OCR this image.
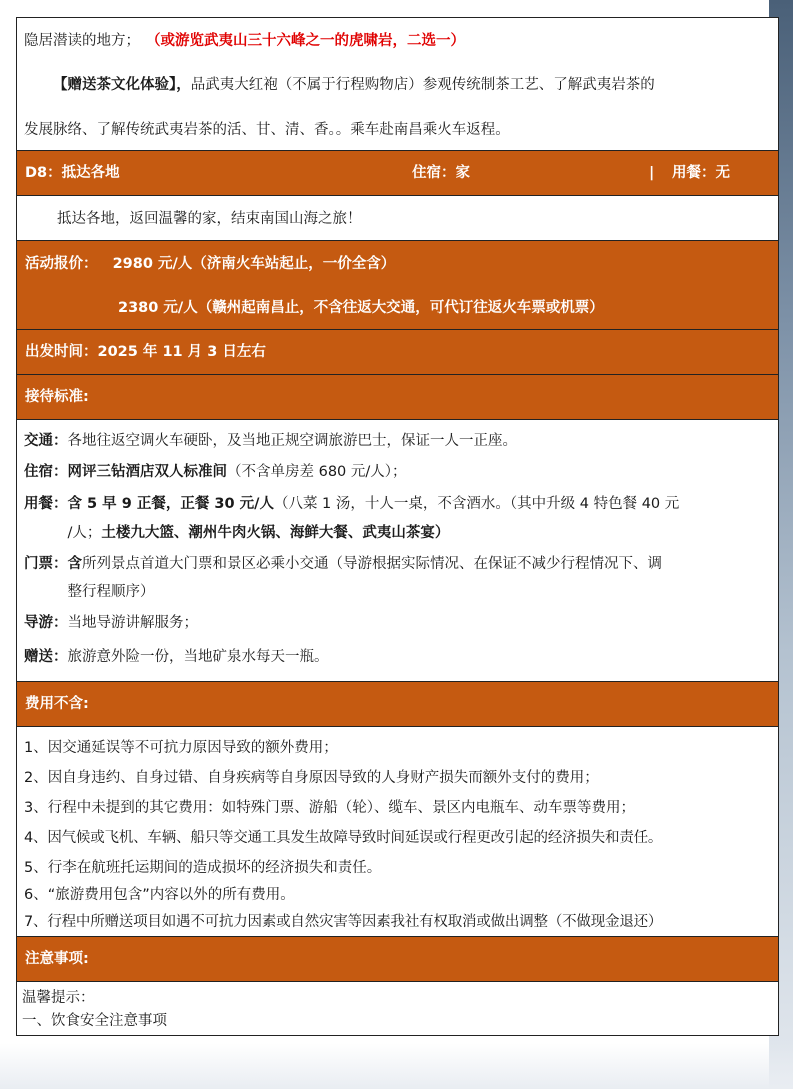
隐居潜读的地方； （或游览武夷山三十六峰之一的虎啸岩，二选一）

【赠送茶文化体验】，品武夷大红袍（不属于行程购物店）参观传统制茶工艺、了解武夷岩茶的

发展脉络、了解传统武夷岩茶的活、甘、清、香。。乘车赴南昌乘火车返程。

D8：抵达各地	住宿：家	| 用餐：无
抵达各地，返回温馨的家，结束南国山海之旅！
活动报价： 2980 元/人（济南火车站起止，一价全含）
2380 元/人（赣州起南昌止，不含往返大交通，可代订往返火车票或机票）
出发时间：2025 年 11 月 3 日左右
接待标准:
交通：各地往返空调火车硬卧，及当地正规空调旅游巴士，保证一人一正座。
住宿：网评三钻酒店双人标准间（不含单房差 680 元/人）；
用餐： 含 5 早 9 正餐，正餐 30 元/人（八菜 1 汤，十人一桌，不含酒水。（其中升级 4 特色餐 40 元
/人；土楼九大篮、潮州牛肉火锅、海鲜大餐、武夷山茶宴）
门票： 含所列景点首道大门票和景区必乘小交通（导游根据实际情况、在保证不减少行程情况下、调
整行程顺序）
导游：当地导游讲解服务；
赠送：旅游意外险一份，当地矿泉水每天一瓶。
费用不含:
1、因交通延误等不可抗力原因导致的额外费用；
2、因自身违约、自身过错、自身疾病等自身原因导致的人身财产损失而额外支付的费用；
3、行程中未提到的其它费用：如特殊门票、游船（轮）、缆车、景区内电瓶车、动车票等费用；
4、因气候或飞机、车辆、船只等交通工具发生故障导致时间延误或行程更改引起的经济损失和责任。
5、行李在航班托运期间的造成损坏的经济损失和责任。
6、“旅游费用包含”内容以外的所有费用。
7、行程中所赠送项目如遇不可抗力因素或自然灾害等因素我社有权取消或做出调整（不做现金退还）
注意事项:
温馨提示：
一、饮食安全注意事项
